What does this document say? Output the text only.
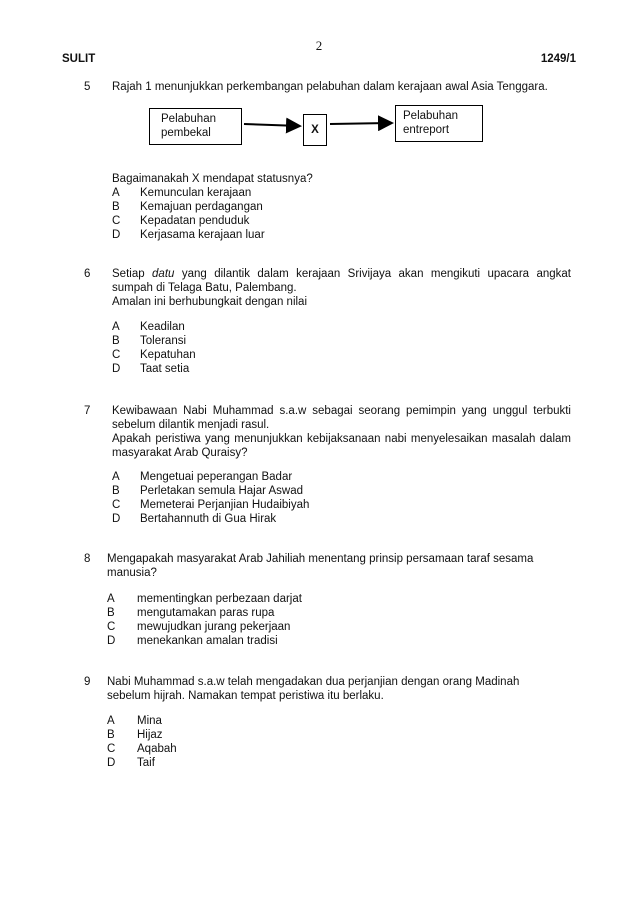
2
SULIT	1249/1
5	Rajah 1 menunjukkan perkembangan pelabuhan dalam kerajaan awal Asia Tenggara.
Pelabuhan
pembekal	X
Pelabuhan
entreport
Bagaimanakah X mendapat statusnya?
A	Kemunculan kerajaan
B	Kemajuan perdagangan
C	Kepadatan penduduk
D	Kerjasama kerajaan luar
6	Setiap datu yang dilantik dalam kerajaan Srivijaya akan mengikuti upacara angkat
sumpah di Telaga Batu, Palembang.
Amalan ini berhubungkait dengan nilai
A	Keadilan
B	Toleransi
C	Kepatuhan
D	Taat setia
7	Kewibawaan Nabi Muhammad s.a.w sebagai seorang pemimpin yang unggul terbukti
sebelum dilantik menjadi rasul.
Apakah peristiwa yang menunjukkan kebijaksanaan nabi menyelesaikan masalah dalam
masyarakat Arab Quraisy?
A	Mengetuai peperangan Badar
B	Perletakan semula Hajar Aswad
C	Memeterai Perjanjian Hudaibiyah
D	Bertahannuth di Gua Hirak
8	Mengapakah masyarakat Arab Jahiliah menentang prinsip persamaan taraf sesama
manusia?
A	mementingkan perbezaan darjat
B	mengutamakan paras rupa
C	mewujudkan jurang pekerjaan
D	menekankan amalan tradisi
9	Nabi Muhammad s.a.w telah mengadakan dua perjanjian dengan orang Madinah
sebelum hijrah. Namakan tempat peristiwa itu berlaku.
A	Mina
B	Hijaz
C	Aqabah
D	Taif
